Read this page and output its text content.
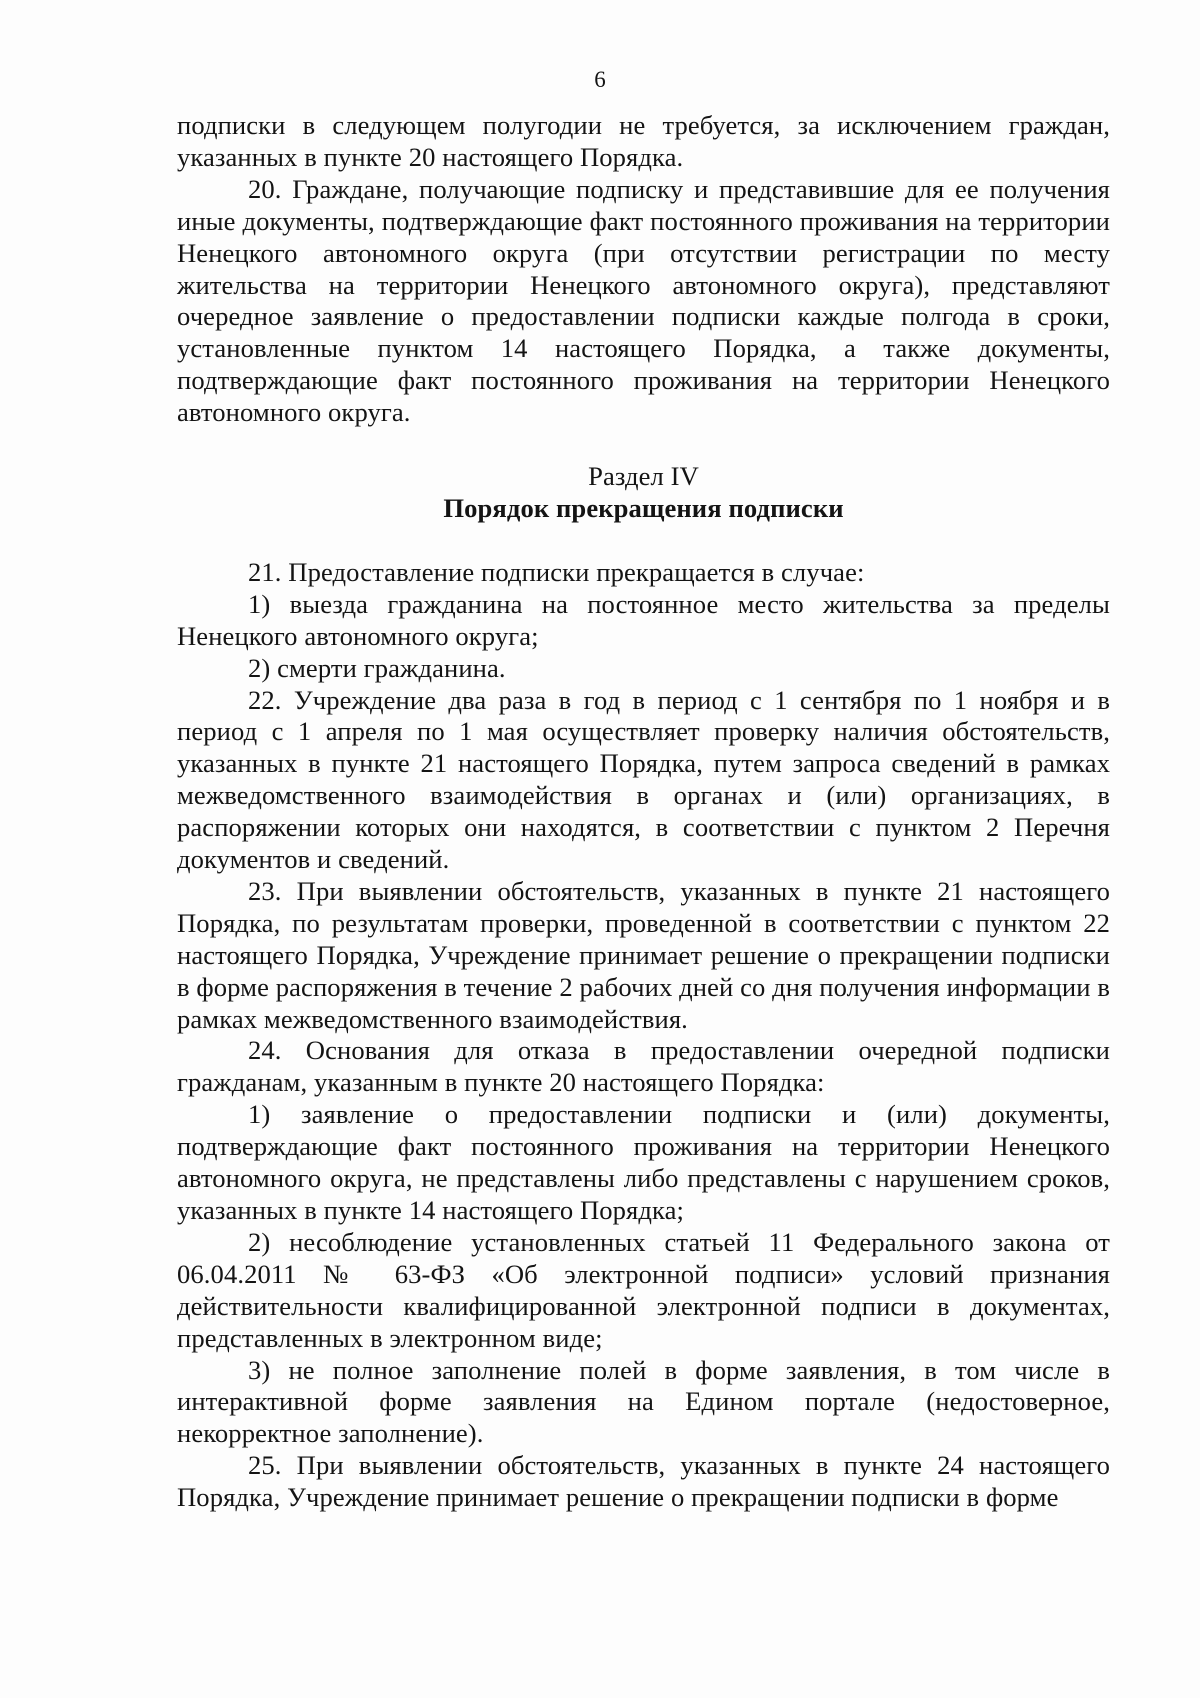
6

подписки в следующем полугодии не требуется, за исключением граждан, указанных в пункте 20 настоящего Порядка.

20. Граждане, получающие подписку и представившие для ее получения иные документы, подтверждающие факт постоянного проживания на территории Ненецкого автономного округа (при отсутствии регистрации по месту жительства на территории Ненецкого автономного округа), представляют очередное заявление о предоставлении подписки каждые полгода в сроки, установленные пунктом 14 настоящего Порядка, а также документы, подтверждающие факт постоянного проживания на территории Ненецкого автономного округа.

Раздел IV

Порядок прекращения подписки

21. Предоставление подписки прекращается в случае:

1) выезда гражданина на постоянное место жительства за пределы Ненецкого автономного округа;

2) смерти гражданина.

22. Учреждение два раза в год в период с 1 сентября по 1 ноября и в период с 1 апреля по 1 мая осуществляет проверку наличия обстоятельств, указанных в пункте 21 настоящего Порядка, путем запроса сведений в рамках межведомственного взаимодействия в органах и (или) организациях, в распоряжении которых они находятся, в соответствии с пунктом 2 Перечня документов и сведений.

23. При выявлении обстоятельств, указанных в пункте 21 настоящего Порядка, по результатам проверки, проведенной в соответствии с пунктом 22 настоящего Порядка, Учреждение принимает решение о прекращении подписки в форме распоряжения в течение 2 рабочих дней со дня получения информации в рамках межведомственного взаимодействия.

24. Основания для отказа в предоставлении очередной подписки гражданам, указанным в пункте 20 настоящего Порядка:

1) заявление о предоставлении подписки и (или) документы, подтверждающие факт постоянного проживания на территории Ненецкого автономного округа, не представлены либо представлены с нарушением сроков, указанных в пункте 14 настоящего Порядка;

2) несоблюдение установленных статьей 11 Федерального закона от 06.04.2011 № 63-ФЗ «Об электронной подписи» условий признания действительности квалифицированной электронной подписи в документах, представленных в электронном виде;

3) не полное заполнение полей в форме заявления, в том числе в интерактивной форме заявления на Едином портале (недостоверное, некорректное заполнение).

25. При выявлении обстоятельств, указанных в пункте 24 настоящего Порядка, Учреждение принимает решение о прекращении подписки в форме
